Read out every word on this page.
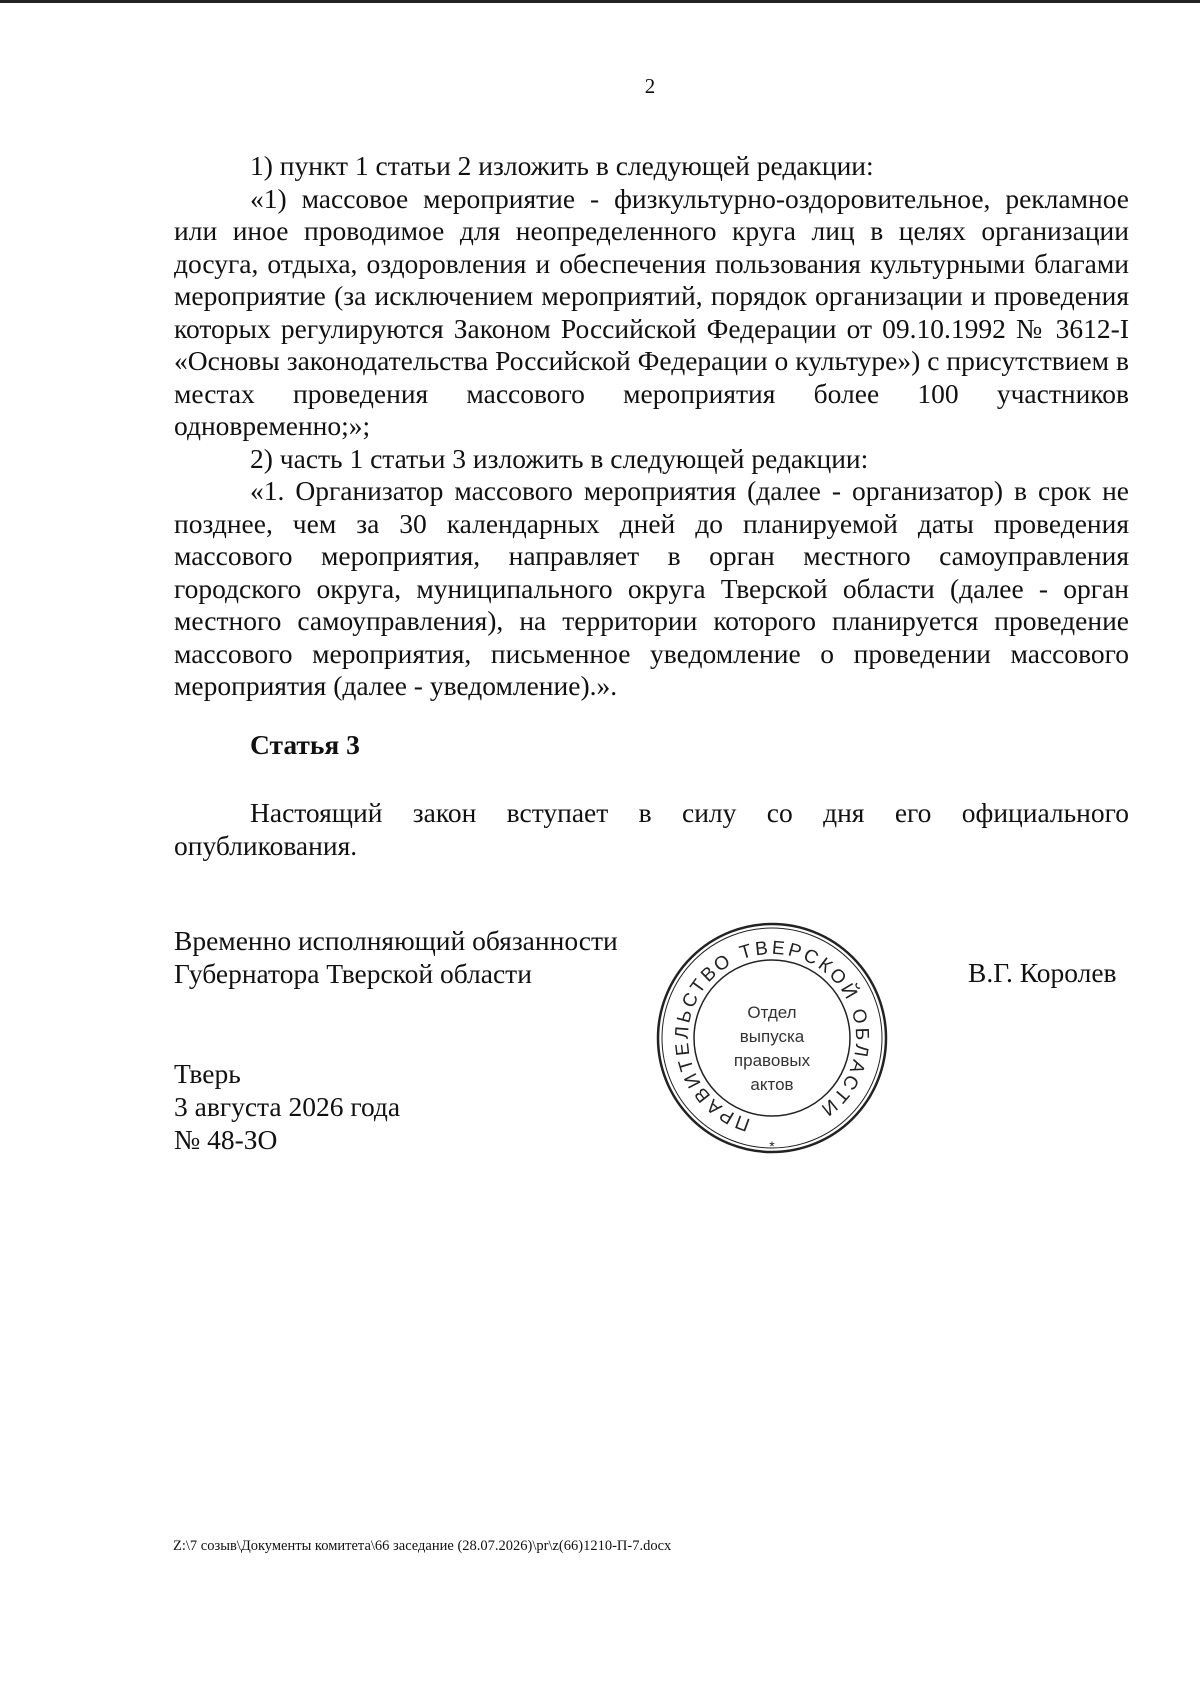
2

1) пункт 1 статьи 2 изложить в следующей редакции:

«1) массовое мероприятие - физкультурно-оздоровительное, рекламное или иное проводимое для неопределенного круга лиц в целях организации досуга, отдыха, оздоровления и обеспечения пользования культурными благами мероприятие (за исключением мероприятий, порядок организации и проведения которых регулируются Законом Российской Федерации от 09.10.1992 № 3612-I «Основы законодательства Российской Федерации о культуре») с присутствием в местах проведения массового мероприятия более 100 участников одновременно;»;

2) часть 1 статьи 3 изложить в следующей редакции:

«1. Организатор массового мероприятия (далее - организатор) в срок не позднее, чем за 30 календарных дней до планируемой даты проведения массового мероприятия, направляет в орган местного самоуправления городского округа, муниципального округа Тверской области (далее - орган местного самоуправления), на территории которого планируется проведение массового мероприятия, письменное уведомление о проведении массового мероприятия (далее - уведомление).».

Статья 3

Настоящий закон вступает в силу со дня его официального опубликования.

Временно исполняющий обязанности
Губернатора Тверской области	В.Г. Королев
Тверь
3 августа 2026 года
№ 48-ЗО
ПРАВИТЕЛЬСТВО ТВЕРСКОЙ ОБЛАСТИ
Отдел
выпуска
правовых
актов
*
Z:\7 созыв\Документы комитета\66 заседание (28.07.2026)\pr\z(66)1210-П-7.docx
